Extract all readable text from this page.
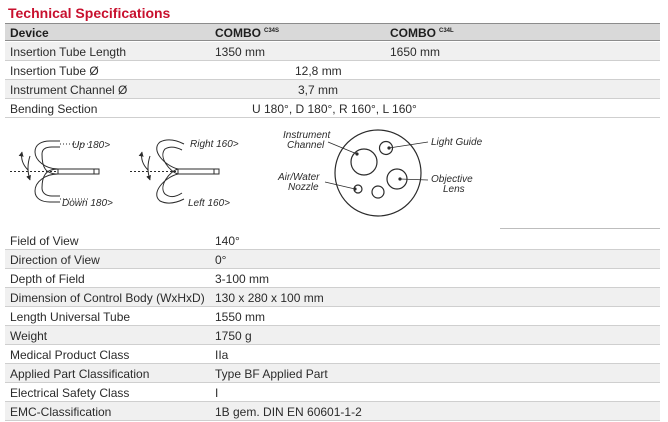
Technical Specifications
Device	COMBO $^{C34S}$	COMBO $^{C34L}$
Insertion Tube Length	1350 mm	1650 mm
Insertion Tube Ø	12,8 mm
Instrument Channel Ø	3,7 mm
Bending Section	U 180°, D 180°, R 160°, L 160°
Up 180>
Down 180>
Right 160>
Left 160>
Instrument
Channel
Air/Water
Nozzle
Light Guide
Objective
Lens
Field of View	140°
Direction of View	0°
Depth of Field	3-100 mm
Dimension of Control Body (WxHxD) 130 x 280 x 100 mm
Length Universal Tube	1550 mm
Weight	1750 g
Medical Product Class	IIa
Applied Part Classification	Type BF Applied Part
Electrical Safety Class	I
EMC-Classification	1B gem. DIN EN 60601-1-2
